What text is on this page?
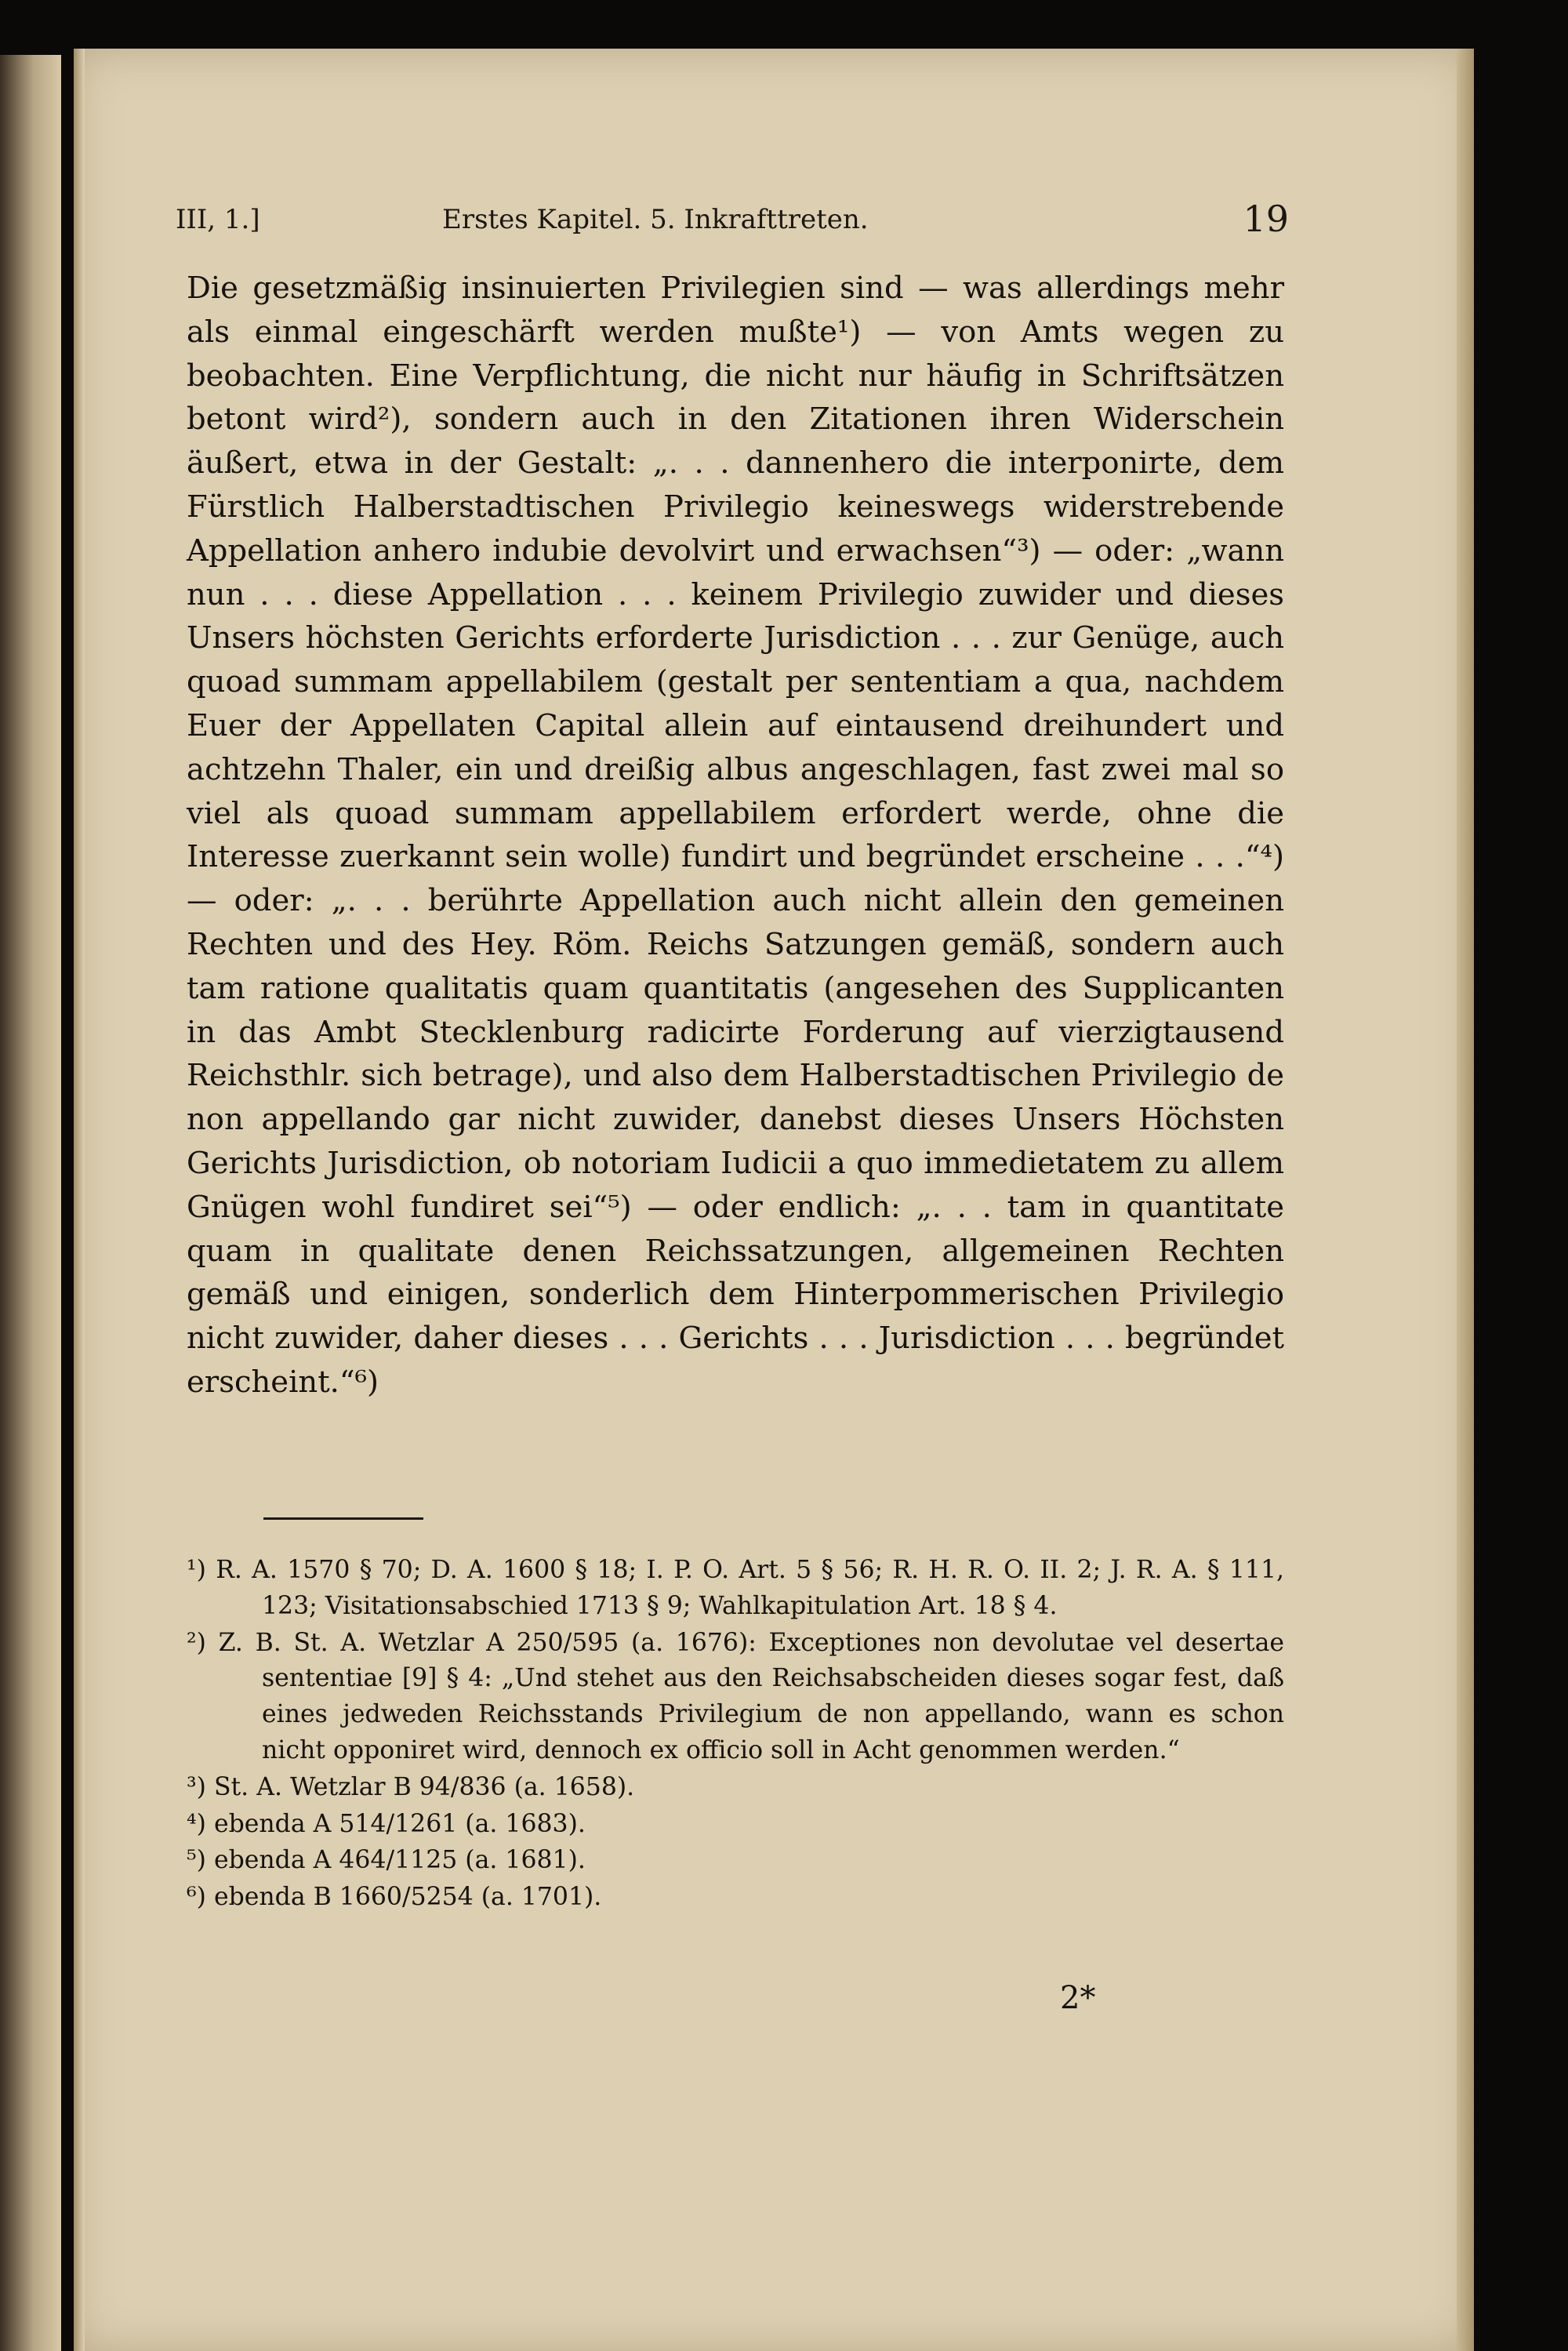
III, 1.]	Erstes Kapitel. 5. Inkrafttreten.	19
Die gesetzmäßig insinuierten Privilegien sind — was allerdings mehr als einmal eingeschärft werden mußte¹) — von Amts wegen zu beobachten. Eine Verpflichtung, die nicht nur häufig in Schriftsätzen betont wird²), sondern auch in den Zitationen ihren Widerschein äußert, etwa in der Gestalt: „. . . dannenhero die interponirte, dem Fürstlich Halberstadtischen Privilegio keineswegs widerstrebende Appellation anhero indubie devolvirt und erwachsen“³) — oder: „wann nun . . . diese Appellation . . . keinem Privilegio zuwider und dieses Unsers höchsten Gerichts erforderte Jurisdiction . . . zur Genüge, auch quoad summam appellabilem (gestalt per sententiam a qua, nachdem Euer der Appellaten Capital allein auf eintausend dreihundert und achtzehn Thaler, ein und dreißig albus angeschlagen, fast zwei mal so viel als quoad summam appellabilem erfordert werde, ohne die Interesse zuerkannt sein wolle) fundirt und begründet erscheine . . .“⁴) — oder: „. . . berührte Appellation auch nicht allein den gemeinen Rechten und des Hey. Röm. Reichs Satzungen gemäß, sondern auch tam ratione qualitatis quam quantitatis (angesehen des Supplicanten in das Ambt Stecklenburg radicirte Forderung auf vierzigtausend Reichsthlr. sich betrage), und also dem Halberstadtischen Privilegio de non appellando gar nicht zuwider, danebst dieses Unsers Höchsten Gerichts Jurisdiction, ob notoriam Iudicii a quo immedietatem zu allem Gnügen wohl fundiret sei“⁵) — oder endlich: „. . . tam in quantitate quam in qualitate denen Reichssatzungen, allgemeinen Rechten gemäß und einigen, sonderlich dem Hinterpommerischen Privilegio nicht zuwider, daher dieses . . . Gerichts . . . Jurisdiction . . . begründet erscheint.“⁶)
¹) R. A. 1570 § 70; D. A. 1600 § 18; I. P. O. Art. 5 § 56; R. H. R. O. II. 2; J. R. A. § 111, 123; Visitationsabschied 1713 § 9; Wahlkapitulation Art. 18 § 4.
²) Z. B. St. A. Wetzlar A 250/595 (a. 1676): Exceptiones non devolutae vel desertae sententiae [9] § 4: „Und stehet aus den Reichsabscheiden dieses sogar fest, daß eines jedweden Reichsstands Privilegium de non appellando, wann es schon nicht opponiret wird, dennoch ex officio soll in Acht genommen werden.“
³) St. A. Wetzlar B 94/836 (a. 1658).
⁴) ebenda A 514/1261 (a. 1683).
⁵) ebenda A 464/1125 (a. 1681).
⁶) ebenda B 1660/5254 (a. 1701).
2*
